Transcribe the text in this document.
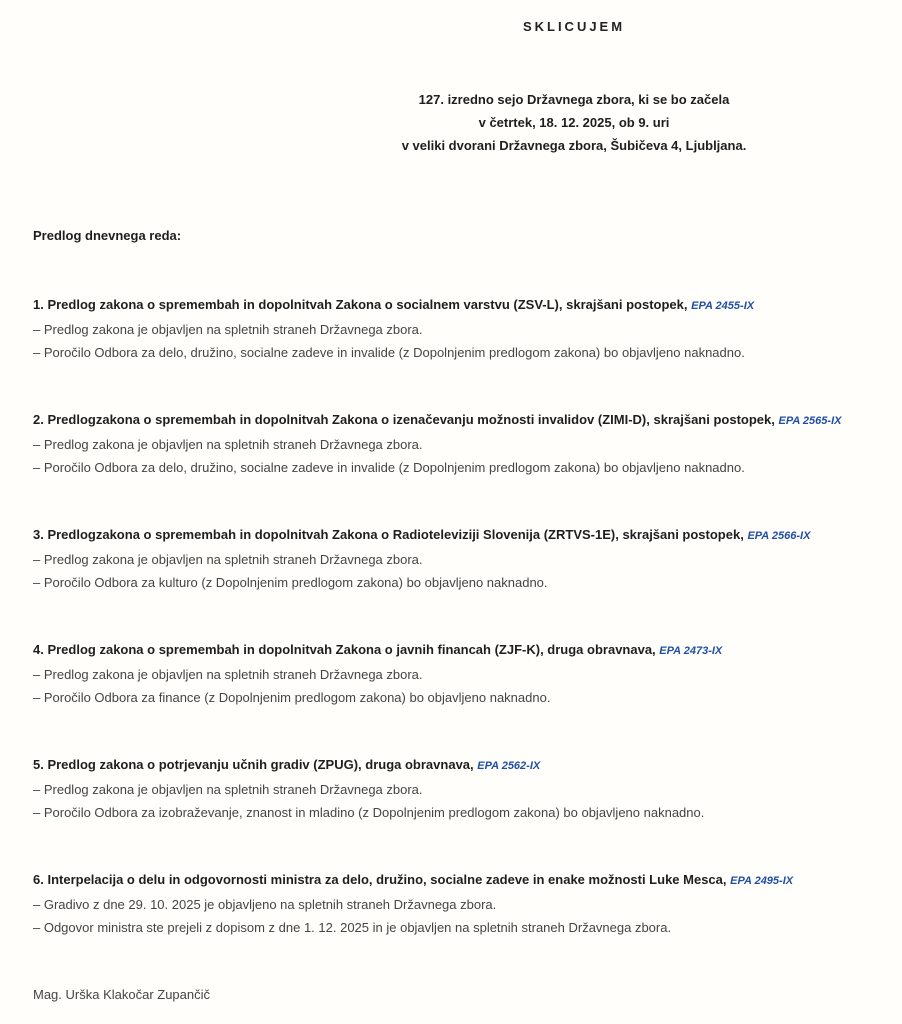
SKLICUJEM
127. izredno sejo Državnega zbora, ki se bo začela
v četrtek, 18. 12. 2025, ob 9. uri
v veliki dvorani Državnega zbora, Šubičeva 4, Ljubljana.
Predlog dnevnega reda:
1. Predlog zakona o spremembah in dopolnitvah Zakona o socialnem varstvu (ZSV-L), skrajšani postopek, EPA 2455-IX
– Predlog zakona je objavljen na spletnih straneh Državnega zbora.
– Poročilo Odbora za delo, družino, socialne zadeve in invalide (z Dopolnjenim predlogom zakona) bo objavljeno naknadno.
2. Predlogzakona o spremembah in dopolnitvah Zakona o izenačevanju možnosti invalidov (ZIMI-D), skrajšani postopek, EPA 2565-IX
– Predlog zakona je objavljen na spletnih straneh Državnega zbora.
– Poročilo Odbora za delo, družino, socialne zadeve in invalide (z Dopolnjenim predlogom zakona) bo objavljeno naknadno.
3. Predlogzakona o spremembah in dopolnitvah Zakona o Radioteleviziji Slovenija (ZRTVS-1E), skrajšani postopek, EPA 2566-IX
– Predlog zakona je objavljen na spletnih straneh Državnega zbora.
– Poročilo Odbora za kulturo (z Dopolnjenim predlogom zakona) bo objavljeno naknadno.
4. Predlog zakona o spremembah in dopolnitvah Zakona o javnih financah (ZJF-K), druga obravnava, EPA 2473-IX
– Predlog zakona je objavljen na spletnih straneh Državnega zbora.
– Poročilo Odbora za finance (z Dopolnjenim predlogom zakona) bo objavljeno naknadno.
5. Predlog zakona o potrjevanju učnih gradiv (ZPUG), druga obravnava, EPA 2562-IX
– Predlog zakona je objavljen na spletnih straneh Državnega zbora.
– Poročilo Odbora za izobraževanje, znanost in mladino (z Dopolnjenim predlogom zakona) bo objavljeno naknadno.
6. Interpelacija o delu in odgovornosti ministra za delo, družino, socialne zadeve in enake možnosti Luke Mesca, EPA 2495-IX
– Gradivo z dne 29. 10. 2025 je objavljeno na spletnih straneh Državnega zbora.
– Odgovor ministra ste prejeli z dopisom z dne 1. 12. 2025 in je objavljen na spletnih straneh Državnega zbora.
Mag. Urška Klakočar Zupančič
